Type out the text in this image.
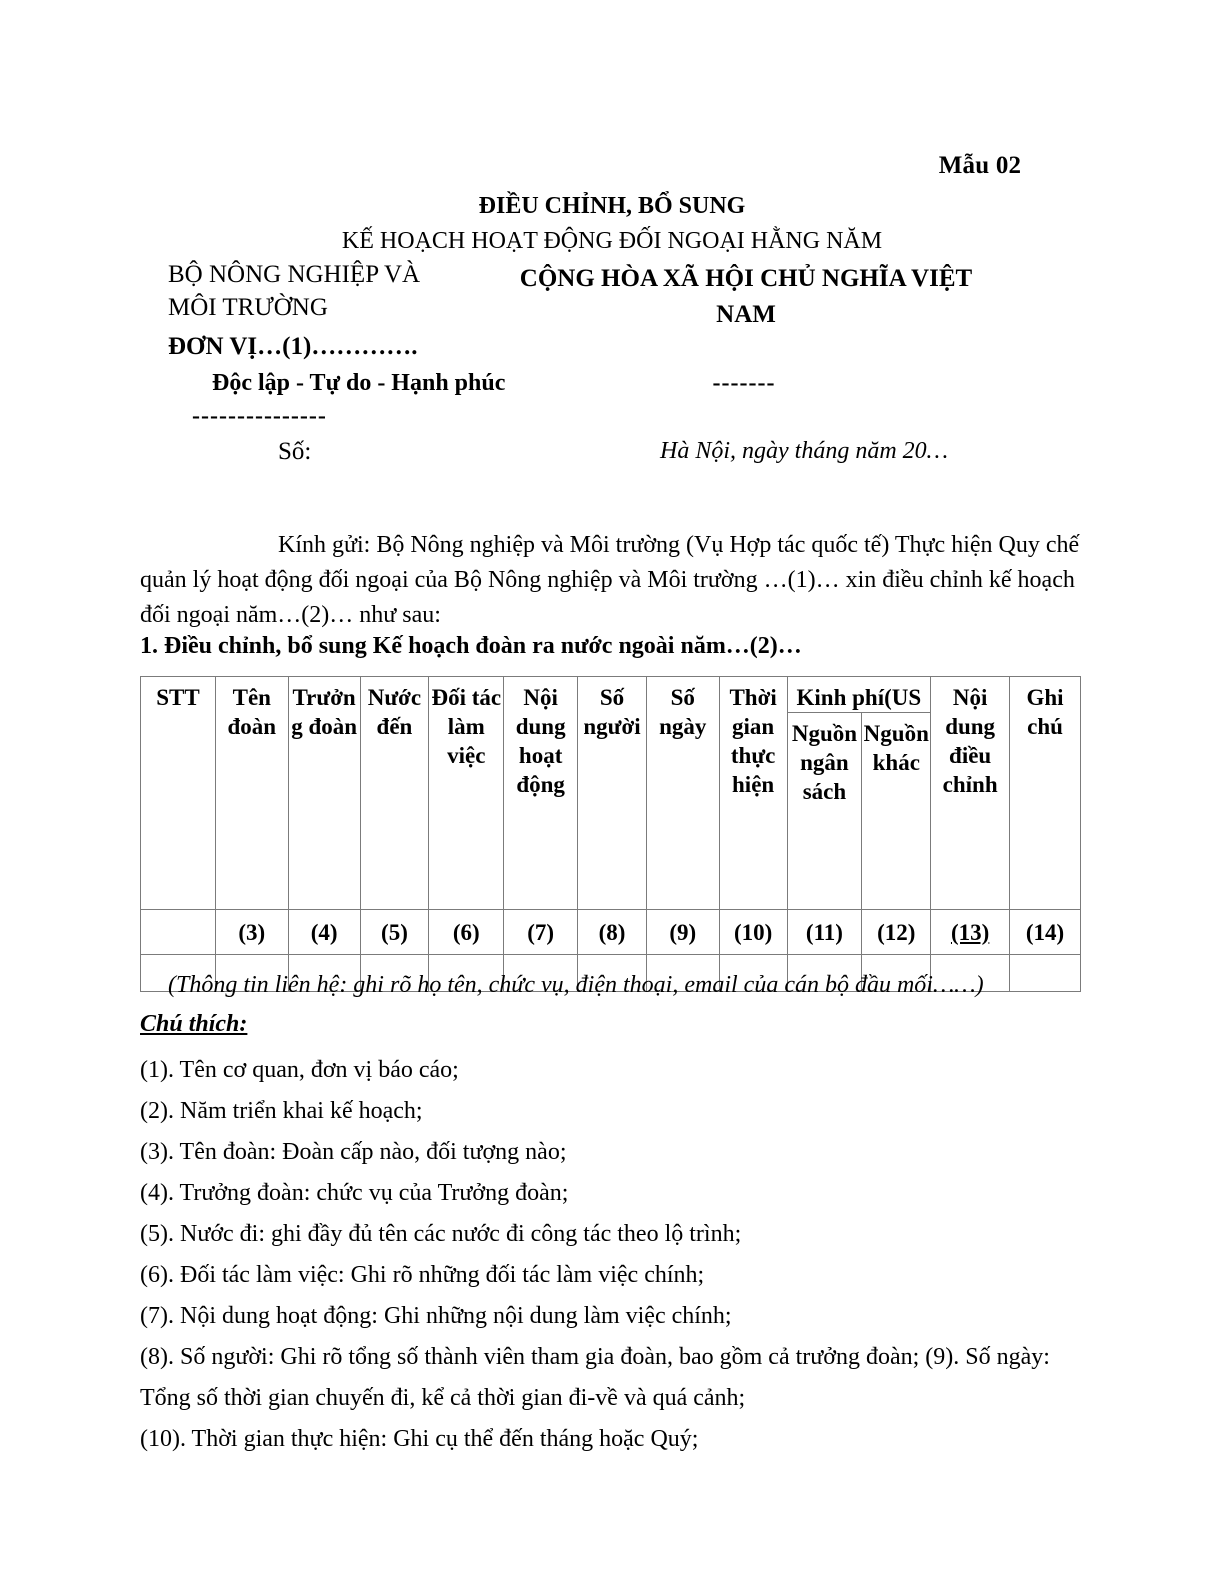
Mẫu 02
ĐIỀU CHỈNH, BỔ SUNG
KẾ HOẠCH HOẠT ĐỘNG ĐỐI NGOẠI HẰNG NĂM
BỘ NÔNG NGHIỆP VÀ
MÔI TRƯỜNG
ĐƠN VỊ…(1)………….
Độc lập - Tự do - Hạnh phúc
---------------
Số:
CỘNG HÒA XÃ HỘI CHỦ NGHĨA VIỆT NAM
-------
Hà Nội, ngày tháng năm 20…
Kính gửi: Bộ Nông nghiệp và Môi trường (Vụ Hợp tác quốc tế) Thực hiện Quy chế quản lý hoạt động đối ngoại của Bộ Nông nghiệp và Môi trường …(1)… xin điều chỉnh kế hoạch đối ngoại năm…(2)… như sau:
1. Điều chỉnh, bổ sung Kế hoạch đoàn ra nước ngoài năm…(2)…
STT	Tên đoàn	Trưởng đoàn	Nước đến	Đối tác làm việc	Nội dung hoạt động	Số người	Số ngày	Thời gian thực hiện	Kinh phí(US		Nội dung điều chỉnh	Ghi chú
									Nguồn ngân sách	Nguồn khác		
	(3)	(4)	(5)	(6)	(7)	(8)	(9)	(10)	(11)	(12)	(13)	(14)

(Thông tin liên hệ: ghi rõ họ tên, chức vụ, điện thoại, email của cán bộ đầu mối……)
Chú thích:
(1). Tên cơ quan, đơn vị báo cáo;
(2). Năm triển khai kế hoạch;
(3). Tên đoàn: Đoàn cấp nào, đối tượng nào;
(4). Trưởng đoàn: chức vụ của Trưởng đoàn;
(5). Nước đi: ghi đầy đủ tên các nước đi công tác theo lộ trình;
(6). Đối tác làm việc: Ghi rõ những đối tác làm việc chính;
(7). Nội dung hoạt động: Ghi những nội dung làm việc chính;
(8). Số người: Ghi rõ tổng số thành viên tham gia đoàn, bao gồm cả trưởng đoàn; (9). Số ngày: Tổng số thời gian chuyến đi, kể cả thời gian đi-về và quá cảnh;
(10). Thời gian thực hiện: Ghi cụ thể đến tháng hoặc Quý;
